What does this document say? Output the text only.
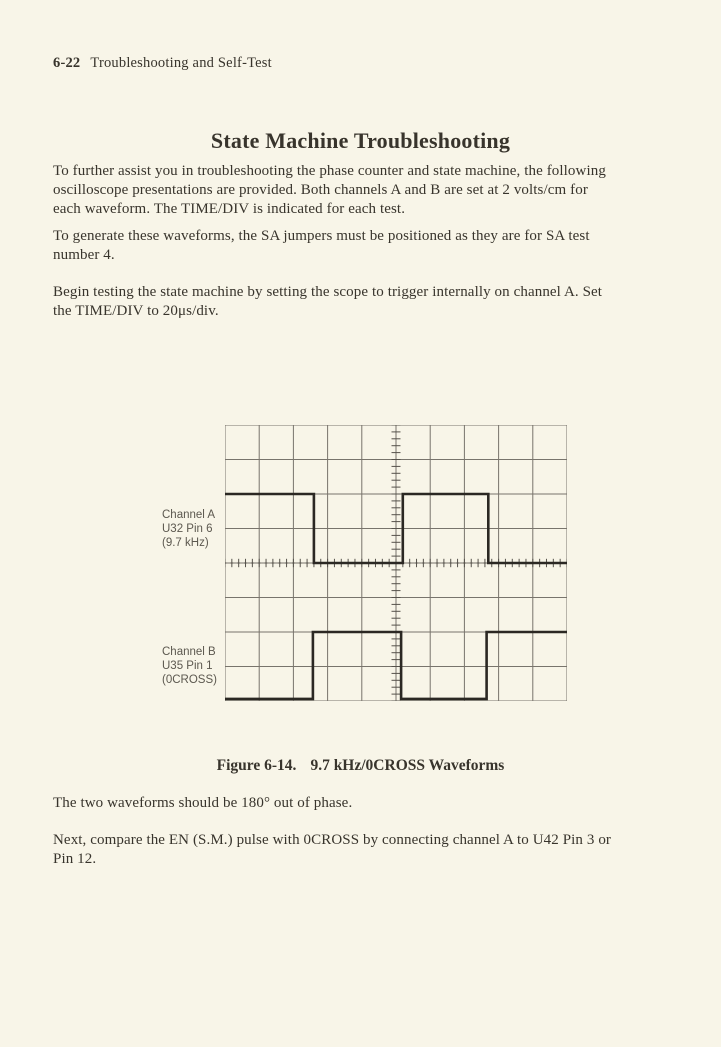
6-22 Troubleshooting and Self-Test
State Machine Troubleshooting
To further assist you in troubleshooting the phase counter and state machine, the following
oscilloscope presentations are provided. Both channels A and B are set at 2 volts/cm for
each waveform. The TIME/DIV is indicated for each test.
To generate these waveforms, the SA jumpers must be positioned as they are for SA test
number 4.
Begin testing the state machine by setting the scope to trigger internally on channel A. Set
the TIME/DIV to 20μs/div.
Channel A
U32 Pin 6
(9.7 kHz)
Channel B
U35 Pin 1
(0CROSS)
Figure 6-14. 9.7 kHz/0CROSS Waveforms
The two waveforms should be 180° out of phase.
Next, compare the EN (S.M.) pulse with 0CROSS by connecting channel A to U42 Pin 3 or
Pin 12.
